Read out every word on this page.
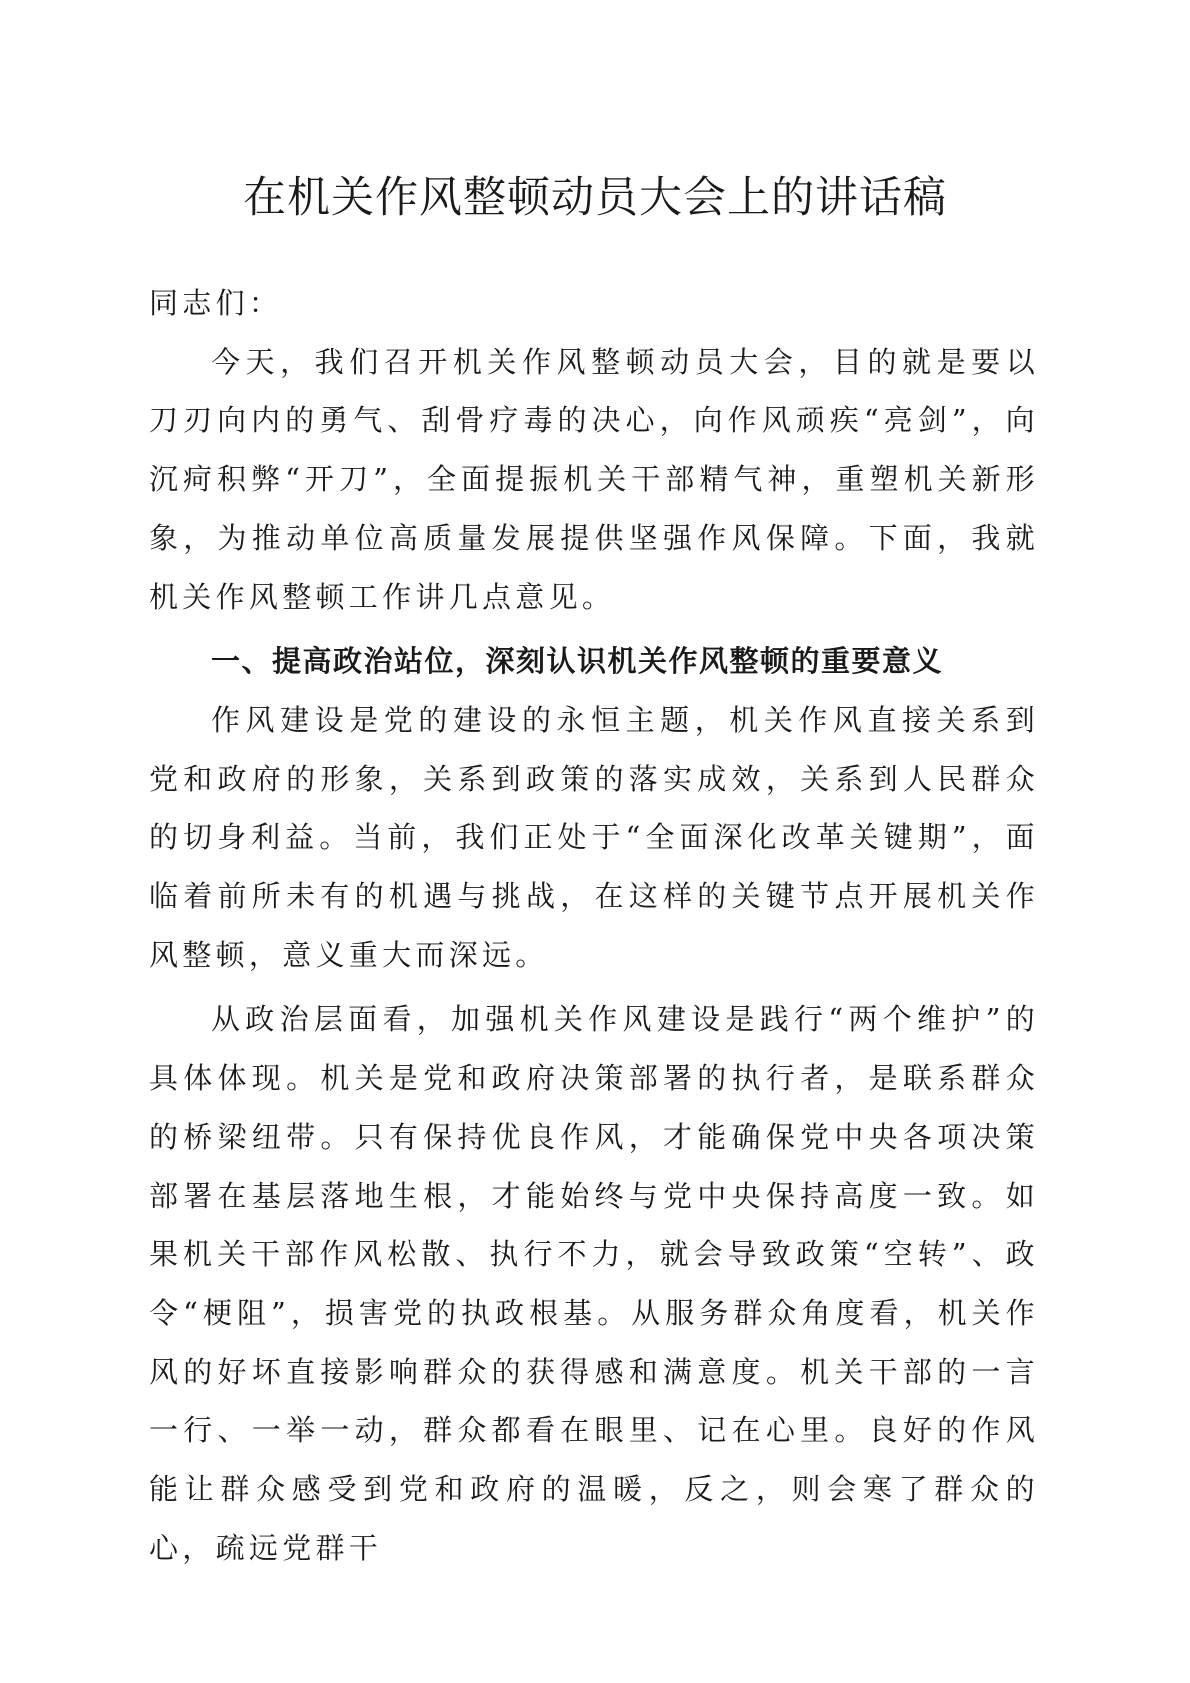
在机关作风整顿动员大会上的讲话稿

同志们：

今天，我们召开机关作风整顿动员大会，目的就是要以刀刃向内的勇气、刮骨疗毒的决心，向作风顽疾“亮剑”，向沉疴积弊“开刀”，全面提振机关干部精气神，重塑机关新形象，为推动单位高质量发展提供坚强作风保障。下面，我就机关作风整顿工作讲几点意见。

一、提高政治站位，深刻认识机关作风整顿的重要意义

作风建设是党的建设的永恒主题，机关作风直接关系到党和政府的形象，关系到政策的落实成效，关系到人民群众的切身利益。当前，我们正处于“全面深化改革关键期”，面临着前所未有的机遇与挑战，在这样的关键节点开展机关作风整顿，意义重大而深远。

从政治层面看，加强机关作风建设是践行“两个维护”的具体体现。机关是党和政府决策部署的执行者，是联系群众的桥梁纽带。只有保持优良作风，才能确保党中央各项决策部署在基层落地生根，才能始终与党中央保持高度一致。如果机关干部作风松散、执行不力，就会导致政策“空转”、政令“梗阻”，损害党的执政根基。从服务群众角度看，机关作风的好坏直接影响群众的获得感和满意度。机关干部的一言一行、一举一动，群众都看在眼里、记在心里。良好的作风能让群众感受到党和政府的温暖，反之，则会寒了群众的心，疏远党群干
